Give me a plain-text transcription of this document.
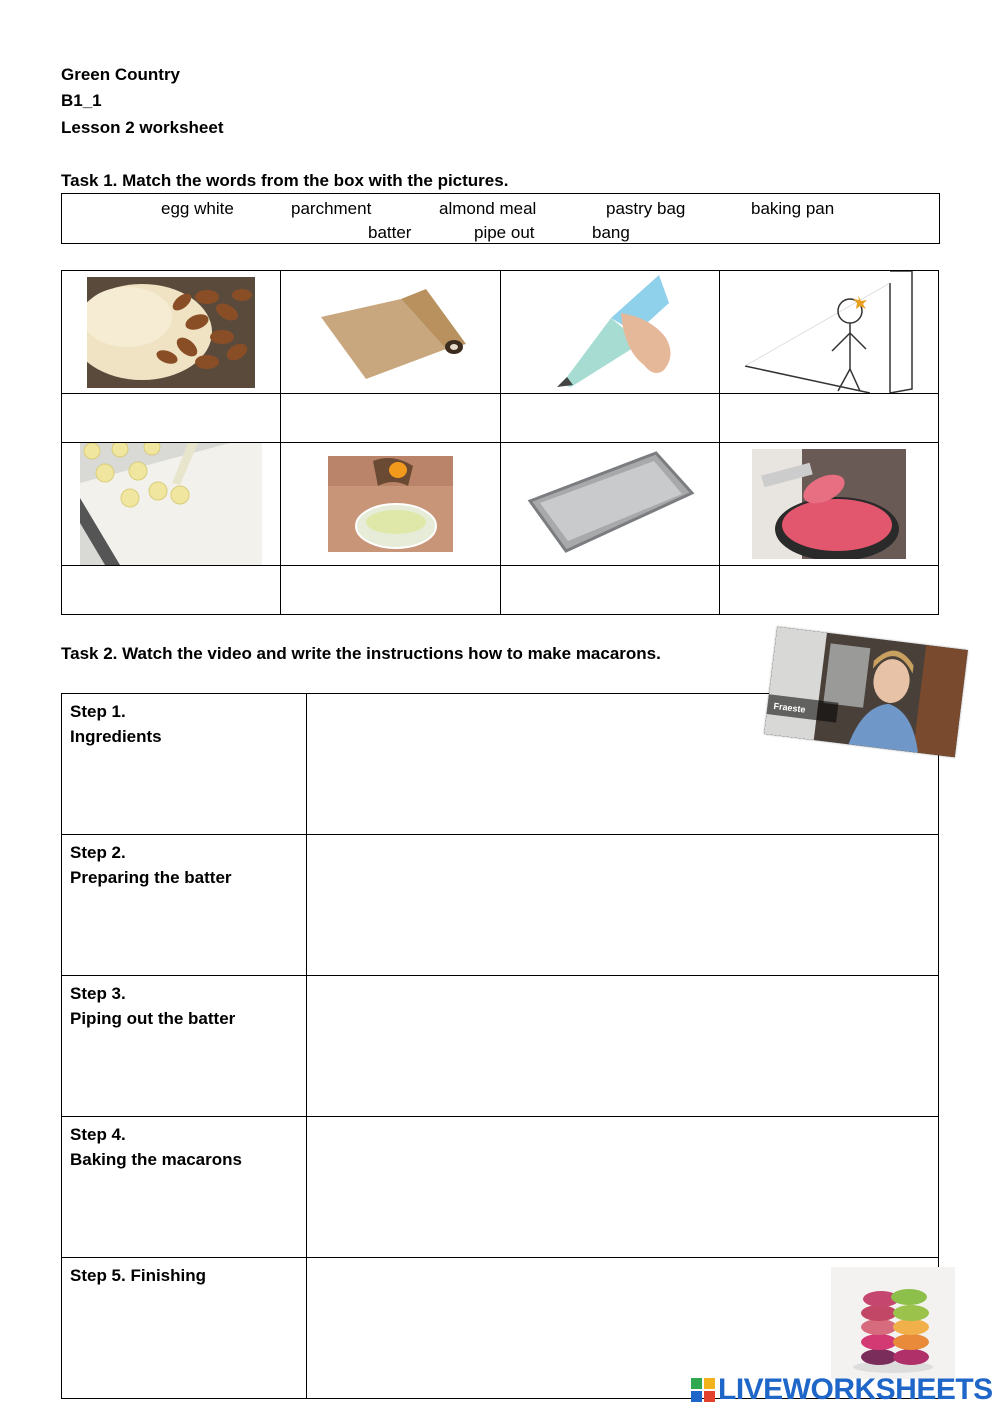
Green Country
B1_1
Lesson 2 worksheet
Task 1. Match the words from the box with the pictures.
egg white	parchment	almond meal	pastry bag	baking pan
batter	pipe out	bang

Task 2. Watch the video and write the instructions how to make macarons.
Step 1.
Ingredients

Step 2.
Preparing the batter

Step 3.
Piping out the batter

Step 4.
Baking the macarons

Step 5. Finishing

Fraeste
LIVEWORKSHEETS
